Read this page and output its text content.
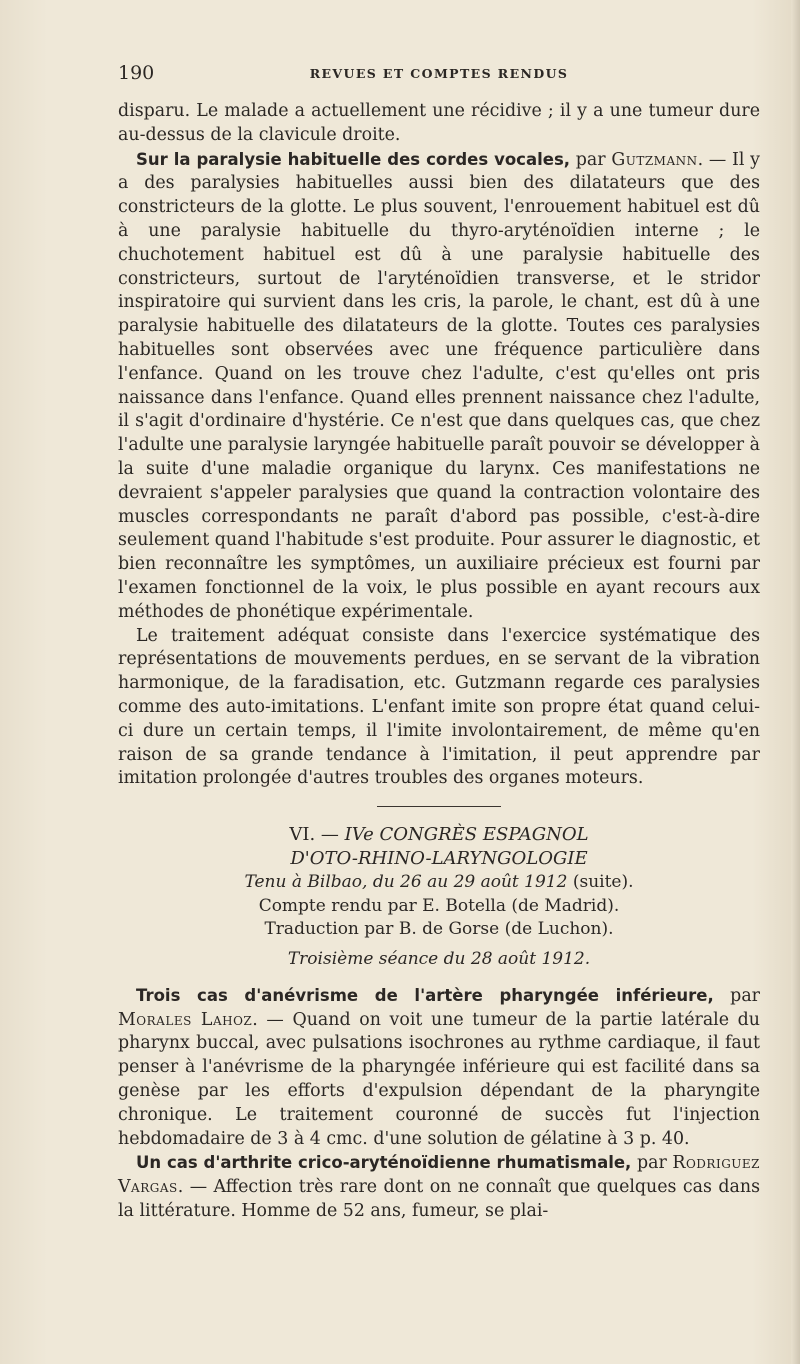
190	REVUES ET COMPTES RENDUS

disparu. Le malade a actuellement une récidive ; il y a une tumeur dure au-dessus de la clavicule droite.

Sur la paralysie habituelle des cordes vocales, par Gutzmann. — Il y a des paralysies habituelles aussi bien des dilatateurs que des constricteurs de la glotte. Le plus souvent, l'enrouement habituel est dû à une paralysie habituelle du thyro-aryténoïdien interne ; le chuchotement habituel est dû à une paralysie habituelle des constricteurs, surtout de l'aryténoïdien transverse, et le stridor inspiratoire qui survient dans les cris, la parole, le chant, est dû à une paralysie habituelle des dilatateurs de la glotte. Toutes ces paralysies habituelles sont observées avec une fréquence particulière dans l'enfance. Quand on les trouve chez l'adulte, c'est qu'elles ont pris naissance dans l'enfance. Quand elles prennent naissance chez l'adulte, il s'agit d'ordinaire d'hystérie. Ce n'est que dans quelques cas, que chez l'adulte une paralysie laryngée habituelle paraît pouvoir se développer à la suite d'une maladie organique du larynx. Ces manifestations ne devraient s'appeler paralysies que quand la contraction volontaire des muscles correspondants ne paraît d'abord pas possible, c'est-à-dire seulement quand l'habitude s'est produite. Pour assurer le diagnostic, et bien reconnaître les symptômes, un auxiliaire précieux est fourni par l'examen fonctionnel de la voix, le plus possible en ayant recours aux méthodes de phonétique expérimentale.

Le traitement adéquat consiste dans l'exercice systématique des représentations de mouvements perdues, en se servant de la vibration harmonique, de la faradisation, etc. Gutzmann regarde ces paralysies comme des auto-imitations. L'enfant imite son propre état quand celui-ci dure un certain temps, il l'imite involontairement, de même qu'en raison de sa grande tendance à l'imitation, il peut apprendre par imitation prolongée d'autres troubles des organes moteurs.

VI. — IVe CONGRÈS ESPAGNOL
D'OTO-RHINO-LARYNGOLOGIE
Tenu à Bilbao, du 26 au 29 août 1912 (suite).
Compte rendu par E. Botella (de Madrid).
Traduction par B. de Gorse (de Luchon).
Troisième séance du 28 août 1912.

Trois cas d'anévrisme de l'artère pharyngée inférieure, par Morales Lahoz. — Quand on voit une tumeur de la partie latérale du pharynx buccal, avec pulsations isochrones au rythme cardiaque, il faut penser à l'anévrisme de la pharyngée inférieure qui est facilité dans sa genèse par les efforts d'expulsion dépendant de la pharyngite chronique. Le traitement couronné de succès fut l'injection hebdomadaire de 3 à 4 cmc. d'une solution de gélatine à 3 p. 40.

Un cas d'arthrite crico-aryténoïdienne rhumatismale, par Rodriguez Vargas. — Affection très rare dont on ne connaît que quelques cas dans la littérature. Homme de 52 ans, fumeur, se plai-
